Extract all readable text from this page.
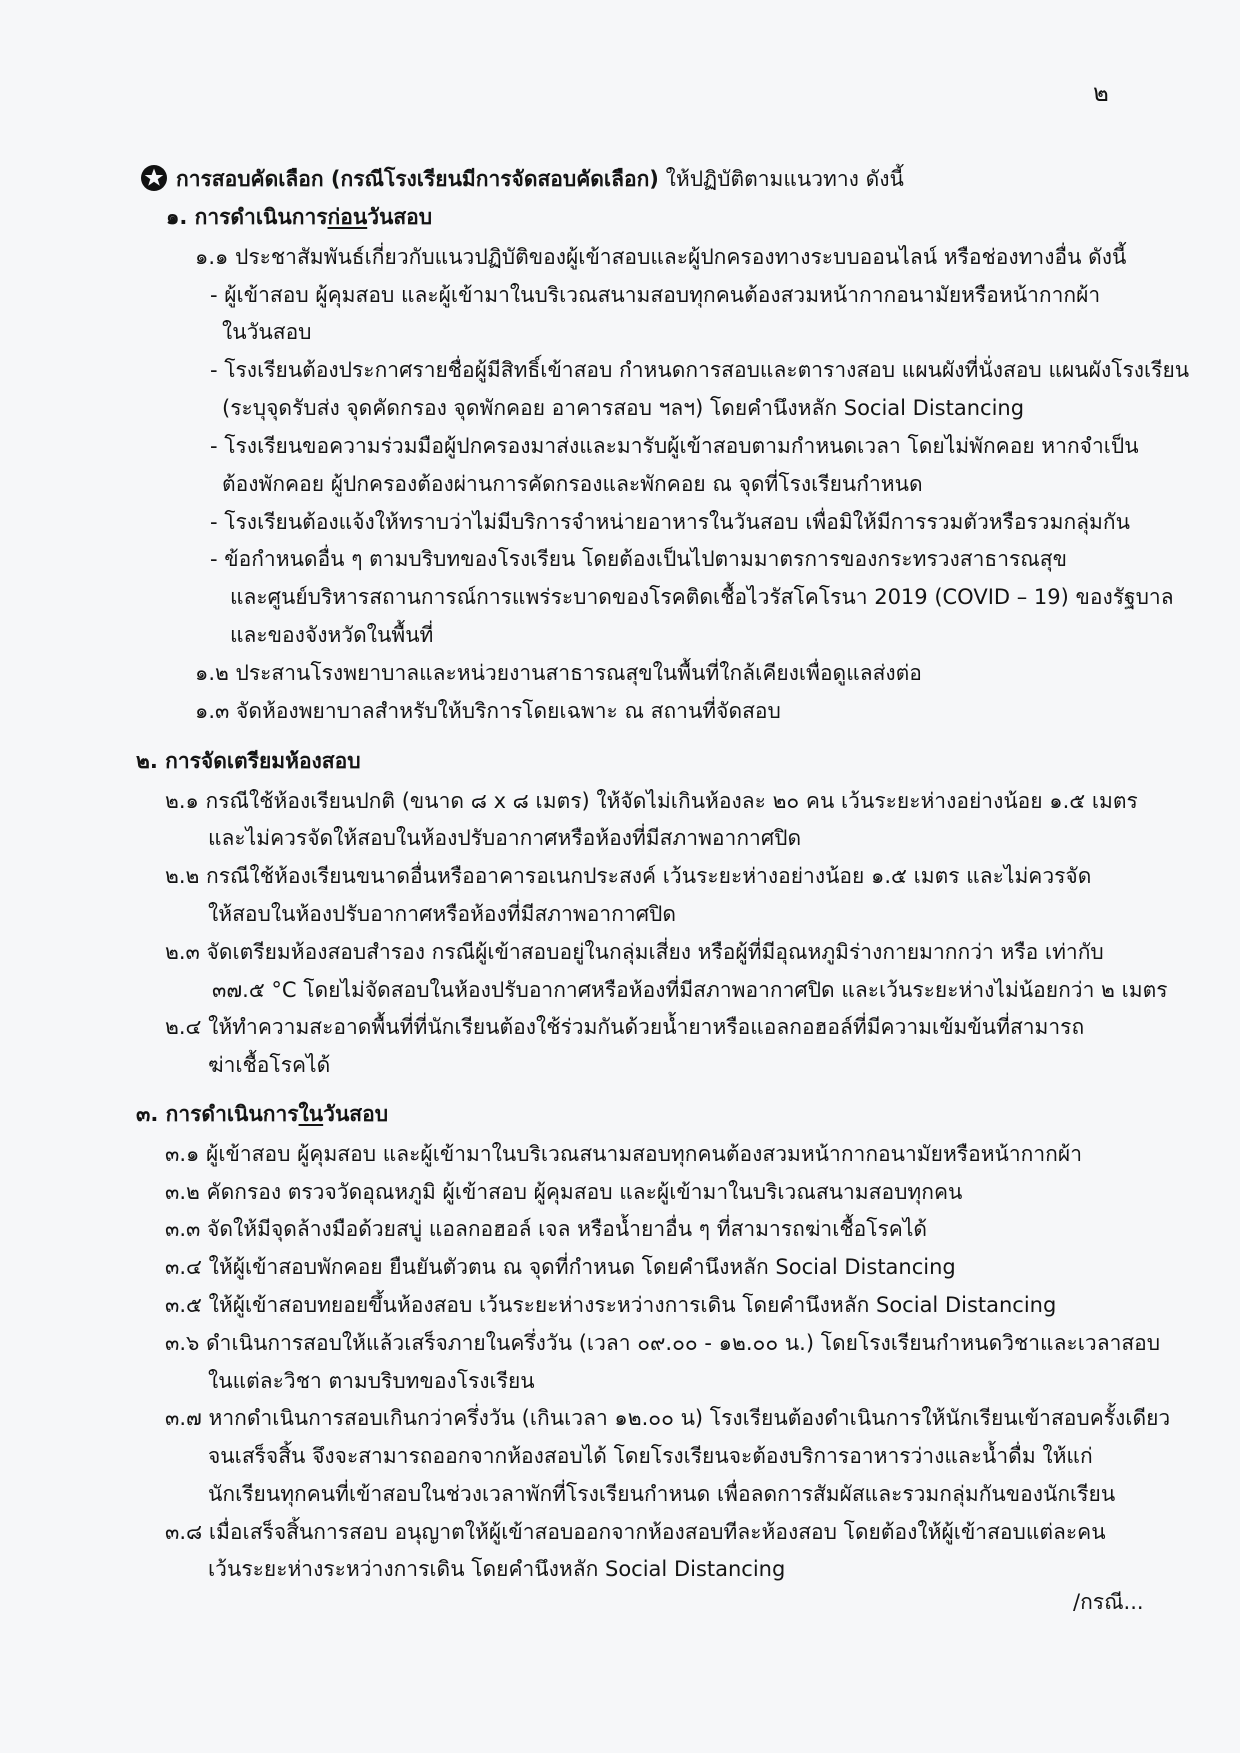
๒
การสอบคัดเลือก (กรณีโรงเรียนมีการจัดสอบคัดเลือก) ให้ปฏิบัติตามแนวทาง ดังนี้
๑. การดำเนินการก่อนวันสอบ
๑.๑ ประชาสัมพันธ์เกี่ยวกับแนวปฏิบัติของผู้เข้าสอบและผู้ปกครองทางระบบออนไลน์ หรือช่องทางอื่น ดังนี้
- ผู้เข้าสอบ ผู้คุมสอบ และผู้เข้ามาในบริเวณสนามสอบทุกคนต้องสวมหน้ากากอนามัยหรือหน้ากากผ้า
ในวันสอบ
- โรงเรียนต้องประกาศรายชื่อผู้มีสิทธิ์เข้าสอบ กำหนดการสอบและตารางสอบ แผนผังที่นั่งสอบ แผนผังโรงเรียน
(ระบุจุดรับส่ง จุดคัดกรอง จุดพักคอย อาคารสอบ ฯลฯ) โดยคำนึงหลัก Social Distancing
- โรงเรียนขอความร่วมมือผู้ปกครองมาส่งและมารับผู้เข้าสอบตามกำหนดเวลา โดยไม่พักคอย หากจำเป็น
ต้องพักคอย ผู้ปกครองต้องผ่านการคัดกรองและพักคอย ณ จุดที่โรงเรียนกำหนด
- โรงเรียนต้องแจ้งให้ทราบว่าไม่มีบริการจำหน่ายอาหารในวันสอบ เพื่อมิให้มีการรวมตัวหรือรวมกลุ่มกัน
- ข้อกำหนดอื่น ๆ ตามบริบทของโรงเรียน โดยต้องเป็นไปตามมาตรการของกระทรวงสาธารณสุข
และศูนย์บริหารสถานการณ์การแพร่ระบาดของโรคติดเชื้อไวรัสโคโรนา 2019 (COVID – 19) ของรัฐบาล
และของจังหวัดในพื้นที่
๑.๒ ประสานโรงพยาบาลและหน่วยงานสาธารณสุขในพื้นที่ใกล้เคียงเพื่อดูแลส่งต่อ
๑.๓ จัดห้องพยาบาลสำหรับให้บริการโดยเฉพาะ ณ สถานที่จัดสอบ
๒. การจัดเตรียมห้องสอบ
๒.๑ กรณีใช้ห้องเรียนปกติ (ขนาด ๘ x ๘ เมตร) ให้จัดไม่เกินห้องละ ๒๐ คน เว้นระยะห่างอย่างน้อย ๑.๕ เมตร
และไม่ควรจัดให้สอบในห้องปรับอากาศหรือห้องที่มีสภาพอากาศปิด
๒.๒ กรณีใช้ห้องเรียนขนาดอื่นหรืออาคารอเนกประสงค์ เว้นระยะห่างอย่างน้อย ๑.๕ เมตร และไม่ควรจัด
ให้สอบในห้องปรับอากาศหรือห้องที่มีสภาพอากาศปิด
๒.๓ จัดเตรียมห้องสอบสำรอง กรณีผู้เข้าสอบอยู่ในกลุ่มเสี่ยง หรือผู้ที่มีอุณหภูมิร่างกายมากกว่า หรือ เท่ากับ
๓๗.๕ °C โดยไม่จัดสอบในห้องปรับอากาศหรือห้องที่มีสภาพอากาศปิด และเว้นระยะห่างไม่น้อยกว่า ๒ เมตร
๒.๔ ให้ทำความสะอาดพื้นที่ที่นักเรียนต้องใช้ร่วมกันด้วยน้ำยาหรือแอลกอฮอล์ที่มีความเข้มข้นที่สามารถ
ฆ่าเชื้อโรคได้
๓. การดำเนินการในวันสอบ
๓.๑ ผู้เข้าสอบ ผู้คุมสอบ และผู้เข้ามาในบริเวณสนามสอบทุกคนต้องสวมหน้ากากอนามัยหรือหน้ากากผ้า
๓.๒ คัดกรอง ตรวจวัดอุณหภูมิ ผู้เข้าสอบ ผู้คุมสอบ และผู้เข้ามาในบริเวณสนามสอบทุกคน
๓.๓ จัดให้มีจุดล้างมือด้วยสบู่ แอลกอฮอล์ เจล หรือน้ำยาอื่น ๆ ที่สามารถฆ่าเชื้อโรคได้
๓.๔ ให้ผู้เข้าสอบพักคอย ยืนยันตัวตน ณ จุดที่กำหนด โดยคำนึงหลัก Social Distancing
๓.๕ ให้ผู้เข้าสอบทยอยขึ้นห้องสอบ เว้นระยะห่างระหว่างการเดิน โดยคำนึงหลัก Social Distancing
๓.๖ ดำเนินการสอบให้แล้วเสร็จภายในครึ่งวัน (เวลา ๐๙.๐๐ - ๑๒.๐๐ น.) โดยโรงเรียนกำหนดวิชาและเวลาสอบ
ในแต่ละวิชา ตามบริบทของโรงเรียน
๓.๗ หากดำเนินการสอบเกินกว่าครึ่งวัน (เกินเวลา ๑๒.๐๐ น) โรงเรียนต้องดำเนินการให้นักเรียนเข้าสอบครั้งเดียว
จนเสร็จสิ้น จึงจะสามารถออกจากห้องสอบได้ โดยโรงเรียนจะต้องบริการอาหารว่างและน้ำดื่ม ให้แก่
นักเรียนทุกคนที่เข้าสอบในช่วงเวลาพักที่โรงเรียนกำหนด เพื่อลดการสัมผัสและรวมกลุ่มกันของนักเรียน
๓.๘ เมื่อเสร็จสิ้นการสอบ อนุญาตให้ผู้เข้าสอบออกจากห้องสอบทีละห้องสอบ โดยต้องให้ผู้เข้าสอบแต่ละคน
เว้นระยะห่างระหว่างการเดิน โดยคำนึงหลัก Social Distancing
/กรณี...
